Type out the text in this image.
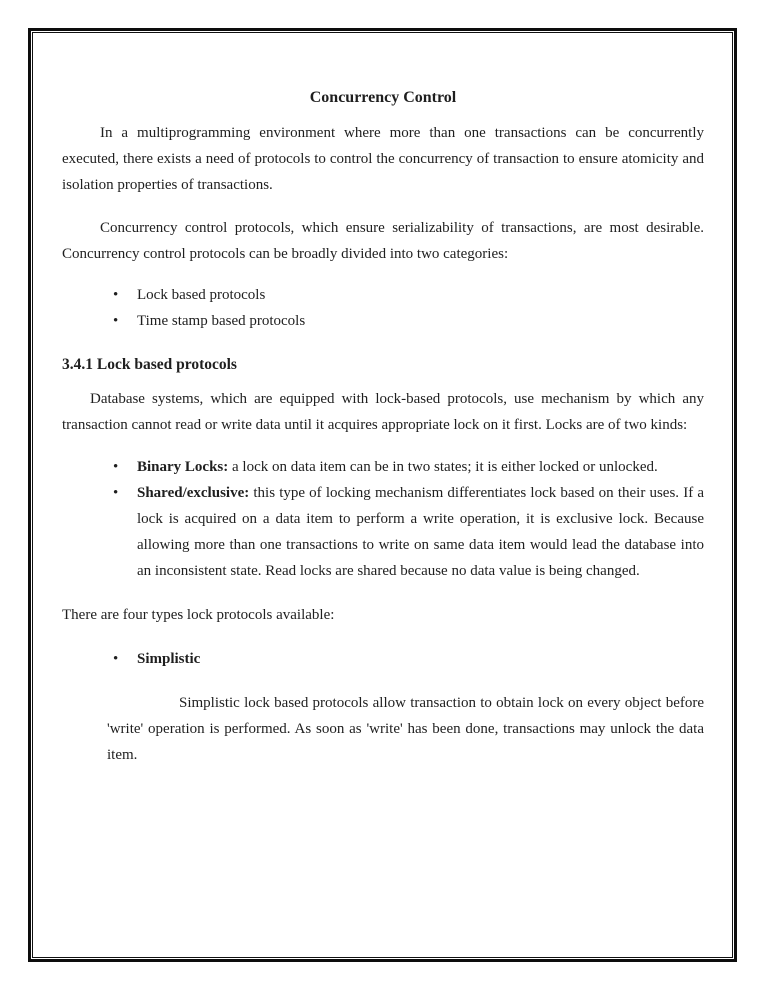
Concurrency Control

In a multiprogramming environment where more than one transactions can be concurrently executed, there exists a need of protocols to control the concurrency of transaction to ensure atomicity and isolation properties of transactions.

Concurrency control protocols, which ensure serializability of transactions, are most desirable. Concurrency control protocols can be broadly divided into two categories:

• Lock based protocols
• Time stamp based protocols
3.4.1 Lock based protocols

Database systems, which are equipped with lock-based protocols, use mechanism by which any transaction cannot read or write data until it acquires appropriate lock on it first. Locks are of two kinds:

• Binary Locks: a lock on data item can be in two states; it is either locked or unlocked.
• Shared/exclusive: this type of locking mechanism differentiates lock based on their uses. If a lock is acquired on a data item to perform a write operation, it is exclusive lock. Because allowing more than one transactions to write on same data item would lead the database into an inconsistent state. Read locks are shared because no data value is being changed.

There are four types lock protocols available:

• Simplistic

Simplistic lock based protocols allow transaction to obtain lock on every object before 'write' operation is performed. As soon as 'write' has been done, transactions may unlock the data item.
